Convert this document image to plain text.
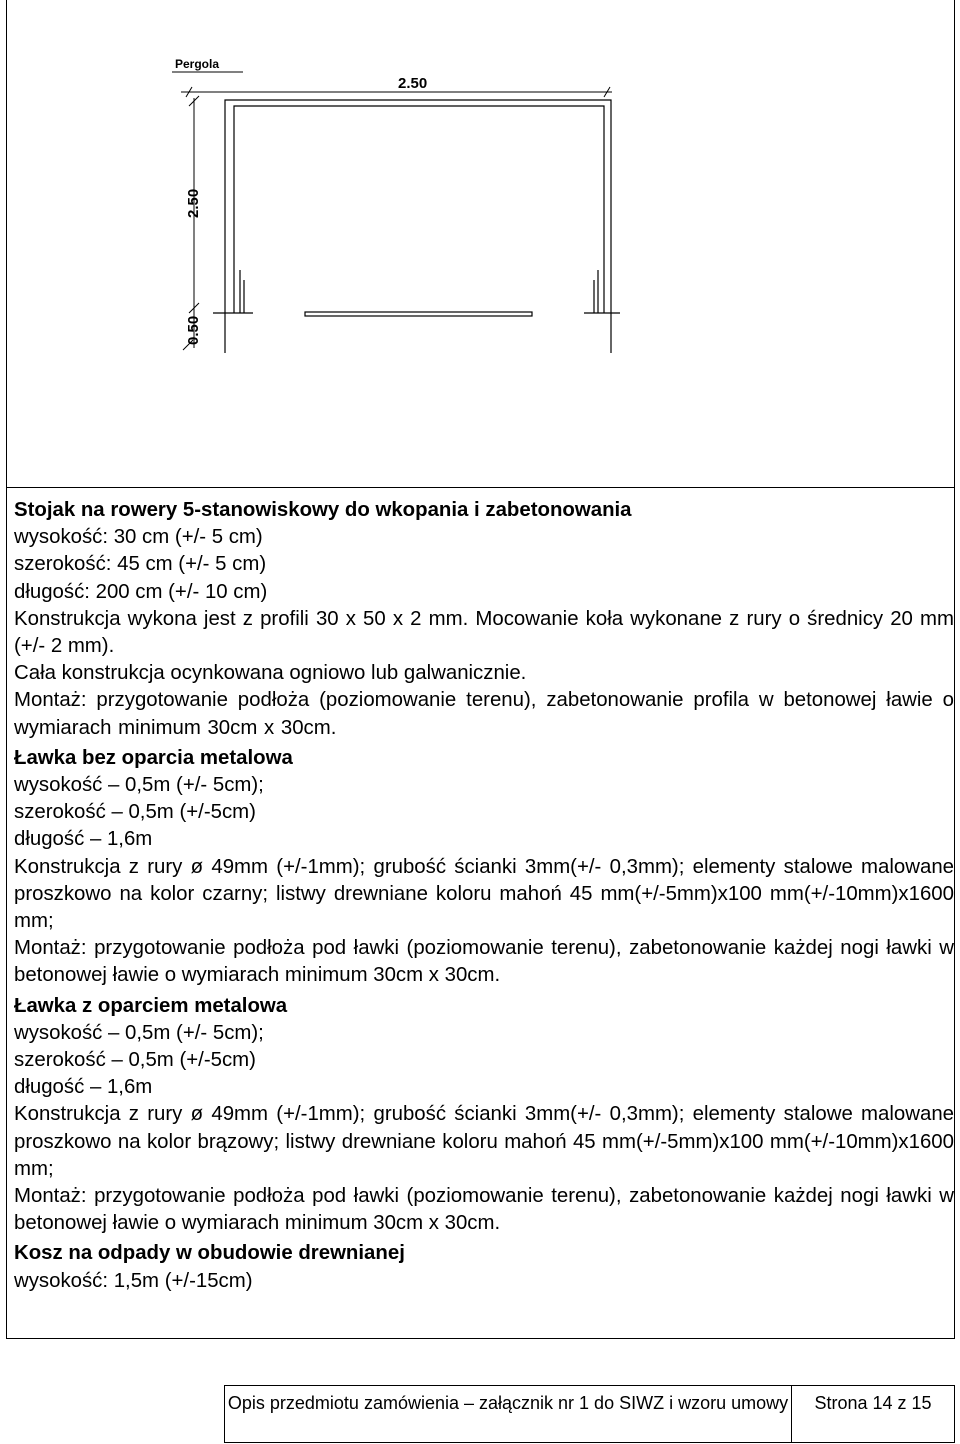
Pergola
2.50
2.50
0.50

Stojak na rowery 5-stanowiskowy do wkopania i zabetonowania

wysokość: 30 cm (+/- 5 cm)

szerokość: 45 cm (+/- 5 cm)

długość: 200 cm (+/- 10 cm)

Konstrukcja wykona jest z profili 30 x 50 x 2 mm. Mocowanie koła wykonane z rury o średnicy 20 mm (+/- 2 mm).

Cała konstrukcja ocynkowana ogniowo lub galwanicznie.

Montaż: przygotowanie podłoża (poziomowanie terenu), zabetonowanie profila w betonowej ławie o wymiarach minimum 30cm x 30cm.

Ławka bez oparcia metalowa

wysokość – 0,5m (+/- 5cm);

szerokość – 0,5m (+/-5cm)

długość – 1,6m

Konstrukcja z rury ø 49mm (+/-1mm); grubość ścianki 3mm(+/- 0,3mm); elementy stalowe malowane proszkowo na kolor czarny; listwy drewniane koloru mahoń 45 mm(+/-5mm)x100 mm(+/-10mm)x1600 mm;

Montaż: przygotowanie podłoża pod ławki (poziomowanie terenu), zabetonowanie każdej nogi ławki w betonowej ławie o wymiarach minimum 30cm x 30cm.

Ławka z oparciem metalowa

wysokość – 0,5m (+/- 5cm);

szerokość – 0,5m (+/-5cm)

długość – 1,6m

Konstrukcja z rury ø 49mm (+/-1mm); grubość ścianki 3mm(+/- 0,3mm); elementy stalowe malowane proszkowo na kolor brązowy; listwy drewniane koloru mahoń 45 mm(+/-5mm)x100 mm(+/-10mm)x1600 mm;

Montaż: przygotowanie podłoża pod ławki (poziomowanie terenu), zabetonowanie każdej nogi ławki w betonowej ławie o wymiarach minimum 30cm x 30cm.

Kosz na odpady w obudowie drewnianej

wysokość: 1,5m (+/-15cm)

Opis przedmiotu zamówienia – załącznik nr 1 do SIWZ i wzoru umowy	Strona 14 z 15
